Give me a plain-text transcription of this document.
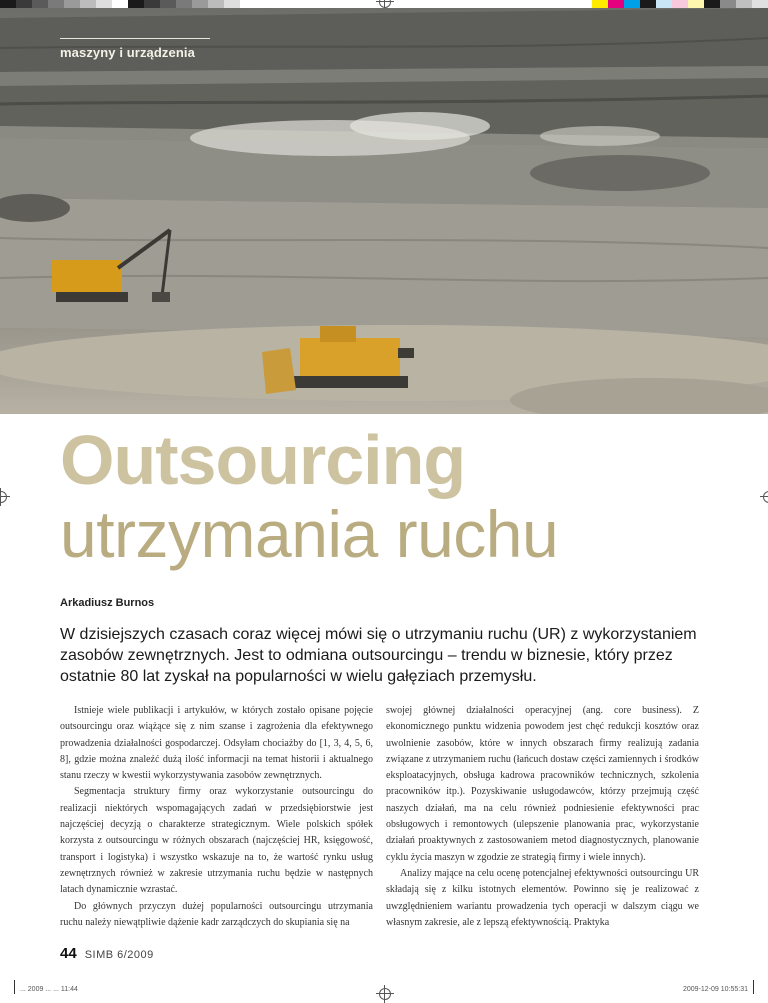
maszyny i urządzenia
Outsourcing
utrzymania ruchu
Arkadiusz Burnos
W dzisiejszych czasach coraz więcej mówi się o utrzymaniu ruchu (UR) z wykorzystaniem zasobów zewnętrznych. Jest to odmiana outsourcingu – trendu w biznesie, który przez ostatnie 80 lat zyskał na popularności w wielu gałęziach przemysłu.

Istnieje wiele publikacji i artykułów, w których zostało opisane pojęcie outsourcingu oraz wiążące się z nim szanse i zagrożenia dla efektywnego prowadzenia działalności gospodarczej. Odsyłam chociażby do [1, 3, 4, 5, 6, 8], gdzie można znaleźć dużą ilość informacji na temat historii i aktualnego stanu rzeczy w kwestii wykorzystywania zasobów zewnętrznych.

Segmentacja struktury firmy oraz wykorzystanie outsourcingu do realizacji niektórych wspomagających zadań w przedsiębiorstwie jest najczęściej decyzją o charakterze strategicznym. Wiele polskich spółek korzysta z outsourcingu w różnych obszarach (najczęściej HR, księgowość, transport i logistyka) i wszystko wskazuje na to, że wartość rynku usług zewnętrznych również w zakresie utrzymania ruchu będzie w następnych latach dynamicznie wzrastać.

Do głównych przyczyn dużej popularności outsourcingu utrzymania ruchu należy niewątpliwie dążenie kadr zarządczych do skupiania się na

swojej głównej działalności operacyjnej (ang. core business). Z ekonomicznego punktu widzenia powodem jest chęć redukcji kosztów oraz uwolnienie zasobów, które w innych obszarach firmy realizują zadania związane z utrzymaniem ruchu (łańcuch dostaw części zamiennych i środków eksploatacyjnych, obsługa kadrowa pracowników technicznych, szkolenia pracowników itp.). Pozyskiwanie usługodawców, którzy przejmują część naszych działań, ma na celu również podniesienie efektywności prac obsługowych i remontowych (ulepszenie planowania prac, wykorzystanie działań proaktywnych z zastosowaniem metod diagnostycznych, planowanie cyklu życia maszyn w zgodzie ze strategią firmy i wiele innych).

Analizy mające na celu ocenę potencjalnej efektywności outsourcingu UR składają się z kilku istotnych elementów. Powinno się je realizować z uwzględnieniem wariantu prowadzenia tych operacji w dalszym ciągu we własnym zakresie, ale z lepszą efektywnością. Praktyka

44 SIMB 6/2009
... 2009 ... ... 11:44	2009-12-09 10:55:31
